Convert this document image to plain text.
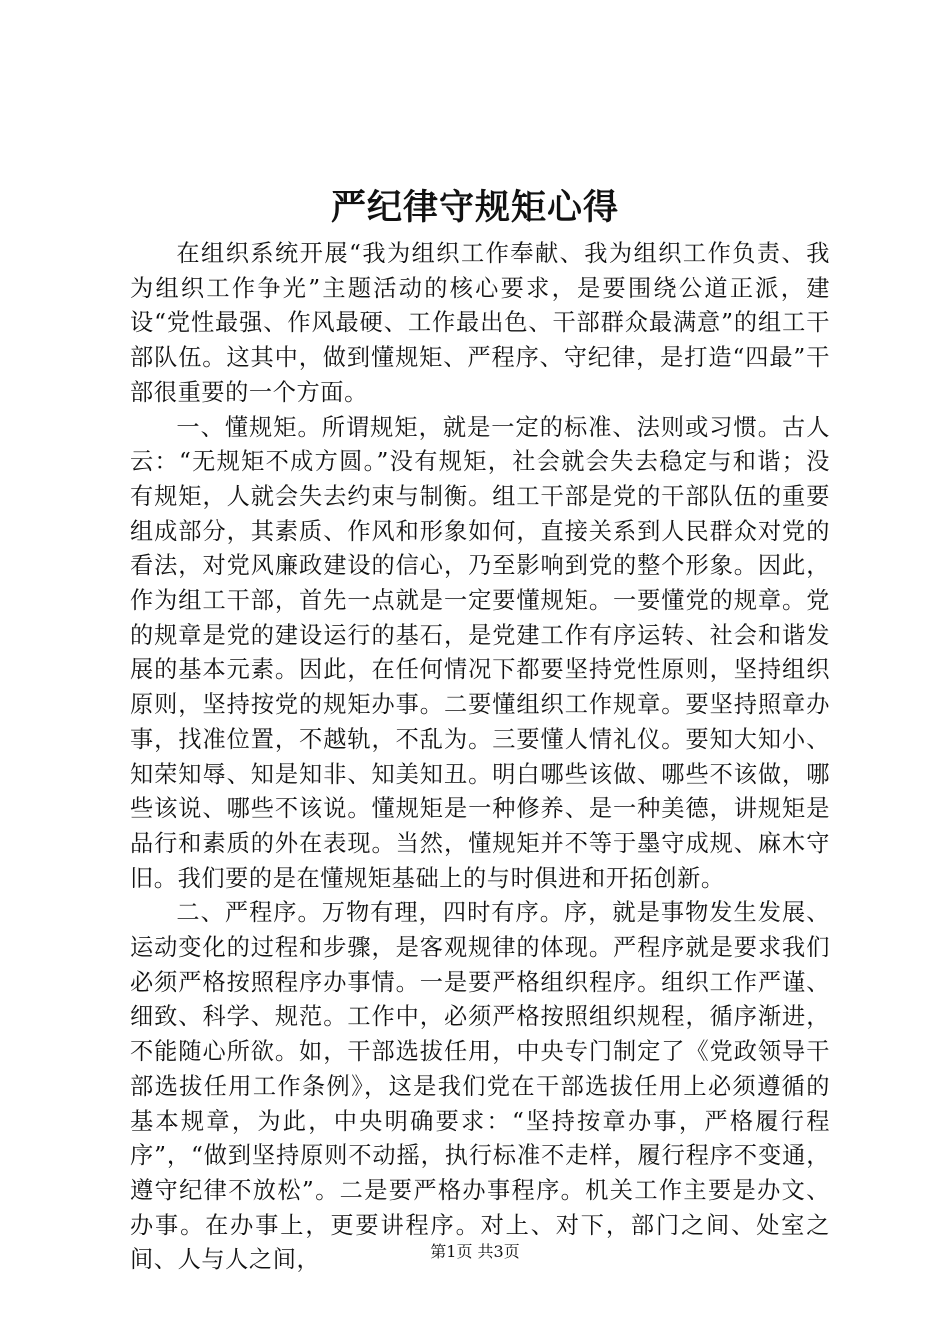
严纪律守规矩心得

在组织系统开展“我为组织工作奉献、我为组织工作负责、我为组织工作争光”主题活动的核心要求，是要围绕公道正派，建设“党性最强、作风最硬、工作最出色、干部群众最满意”的组工干部队伍。这其中，做到懂规矩、严程序、守纪律，是打造“四最”干部很重要的一个方面。

一、懂规矩。所谓规矩，就是一定的标准、法则或习惯。古人云：“无规矩不成方圆。”没有规矩，社会就会失去稳定与和谐；没有规矩，人就会失去约束与制衡。组工干部是党的干部队伍的重要组成部分，其素质、作风和形象如何，直接关系到人民群众对党的看法，对党风廉政建设的信心，乃至影响到党的整个形象。因此，作为组工干部，首先一点就是一定要懂规矩。一要懂党的规章。党的规章是党的建设运行的基石，是党建工作有序运转、社会和谐发展的基本元素。因此，在任何情况下都要坚持党性原则，坚持组织原则，坚持按党的规矩办事。二要懂组织工作规章。要坚持照章办事，找准位置，不越轨，不乱为。三要懂人情礼仪。要知大知小、知荣知辱、知是知非、知美知丑。明白哪些该做、哪些不该做，哪些该说、哪些不该说。懂规矩是一种修养、是一种美德，讲规矩是品行和素质的外在表现。当然，懂规矩并不等于墨守成规、麻木守旧。我们要的是在懂规矩基础上的与时俱进和开拓创新。

二、严程序。万物有理，四时有序。序，就是事物发生发展、运动变化的过程和步骤，是客观规律的体现。严程序就是要求我们必须严格按照程序办事情。一是要严格组织程序。组织工作严谨、细致、科学、规范。工作中，必须严格按照组织规程，循序渐进，不能随心所欲。如，干部选拔任用，中央专门制定了《党政领导干部选拔任用工作条例》，这是我们党在干部选拔任用上必须遵循的基本规章，为此，中央明确要求：“坚持按章办事，严格履行程序”，“做到坚持原则不动摇，执行标准不走样，履行程序不变通，遵守纪律不放松”。二是要严格办事程序。机关工作主要是办文、办事。在办事上，更要讲程序。对上、对下，部门之间、处室之间、人与人之间，	第1页 共3页
